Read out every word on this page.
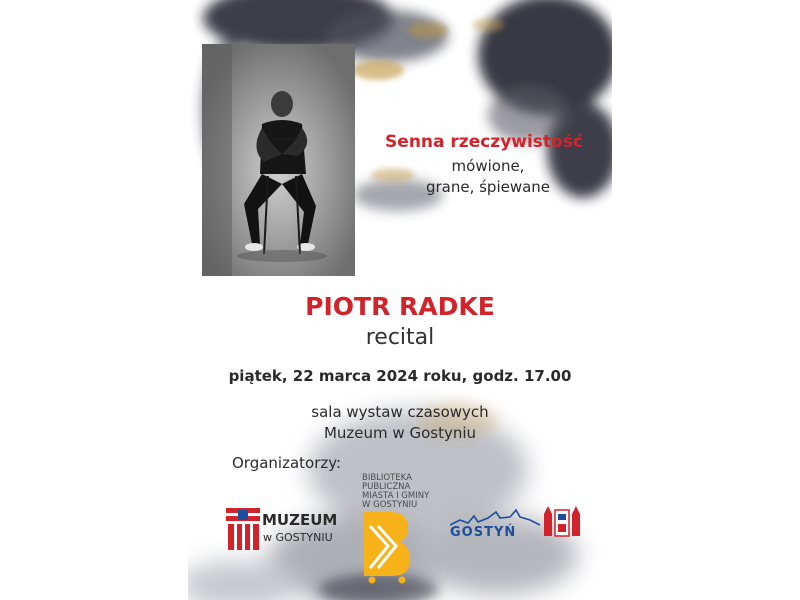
Senna rzeczywistość
mówione,
grane, śpiewane
PIOTR RADKE
recital
piątek, 22 marca 2024 roku, godz. 17.00
sala wystaw czasowych
Muzeum w Gostyniu
Organizatorzy:
MUZEUM
w GOSTYNIU
BIBLIOTEKA
PUBLICZNA
MIASTA I GMINY
W GOSTYNIU
GOSTYŃ
